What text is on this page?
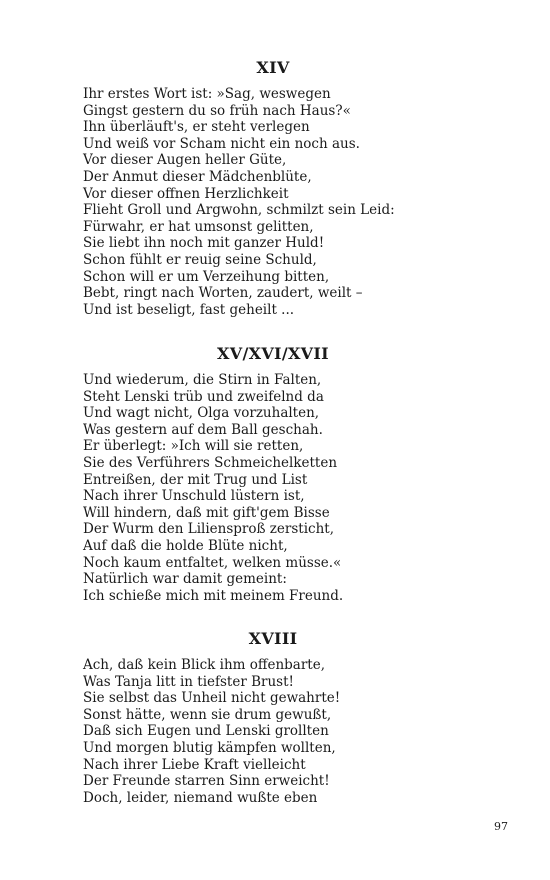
XIV
Ihr erstes Wort ist: »Sag, weswegen
Gingst gestern du so früh nach Haus?«
Ihn überläuft's, er steht verlegen
Und weiß vor Scham nicht ein noch aus.
Vor dieser Augen heller Güte,
Der Anmut dieser Mädchenblüte,
Vor dieser offnen Herzlichkeit
Flieht Groll und Argwohn, schmilzt sein Leid:
Fürwahr, er hat umsonst gelitten,
Sie liebt ihn noch mit ganzer Huld!
Schon fühlt er reuig seine Schuld,
Schon will er um Verzeihung bitten,
Bebt, ringt nach Worten, zaudert, weilt –
Und ist beseligt, fast geheilt ...
XV/XVI/XVII
Und wiederum, die Stirn in Falten,
Steht Lenski trüb und zweifelnd da
Und wagt nicht, Olga vorzuhalten,
Was gestern auf dem Ball geschah.
Er überlegt: »Ich will sie retten,
Sie des Verführers Schmeichelketten
Entreißen, der mit Trug und List
Nach ihrer Unschuld lüstern ist,
Will hindern, daß mit gift'gem Bisse
Der Wurm den Liliensproß zersticht,
Auf daß die holde Blüte nicht,
Noch kaum entfaltet, welken müsse.«
Natürlich war damit gemeint:
Ich schieße mich mit meinem Freund.
XVIII
Ach, daß kein Blick ihm offenbarte,
Was Tanja litt in tiefster Brust!
Sie selbst das Unheil nicht gewahrte!
Sonst hätte, wenn sie drum gewußt,
Daß sich Eugen und Lenski grollten
Und morgen blutig kämpfen wollten,
Nach ihrer Liebe Kraft vielleicht
Der Freunde starren Sinn erweicht!
Doch, leider, niemand wußte eben
97
